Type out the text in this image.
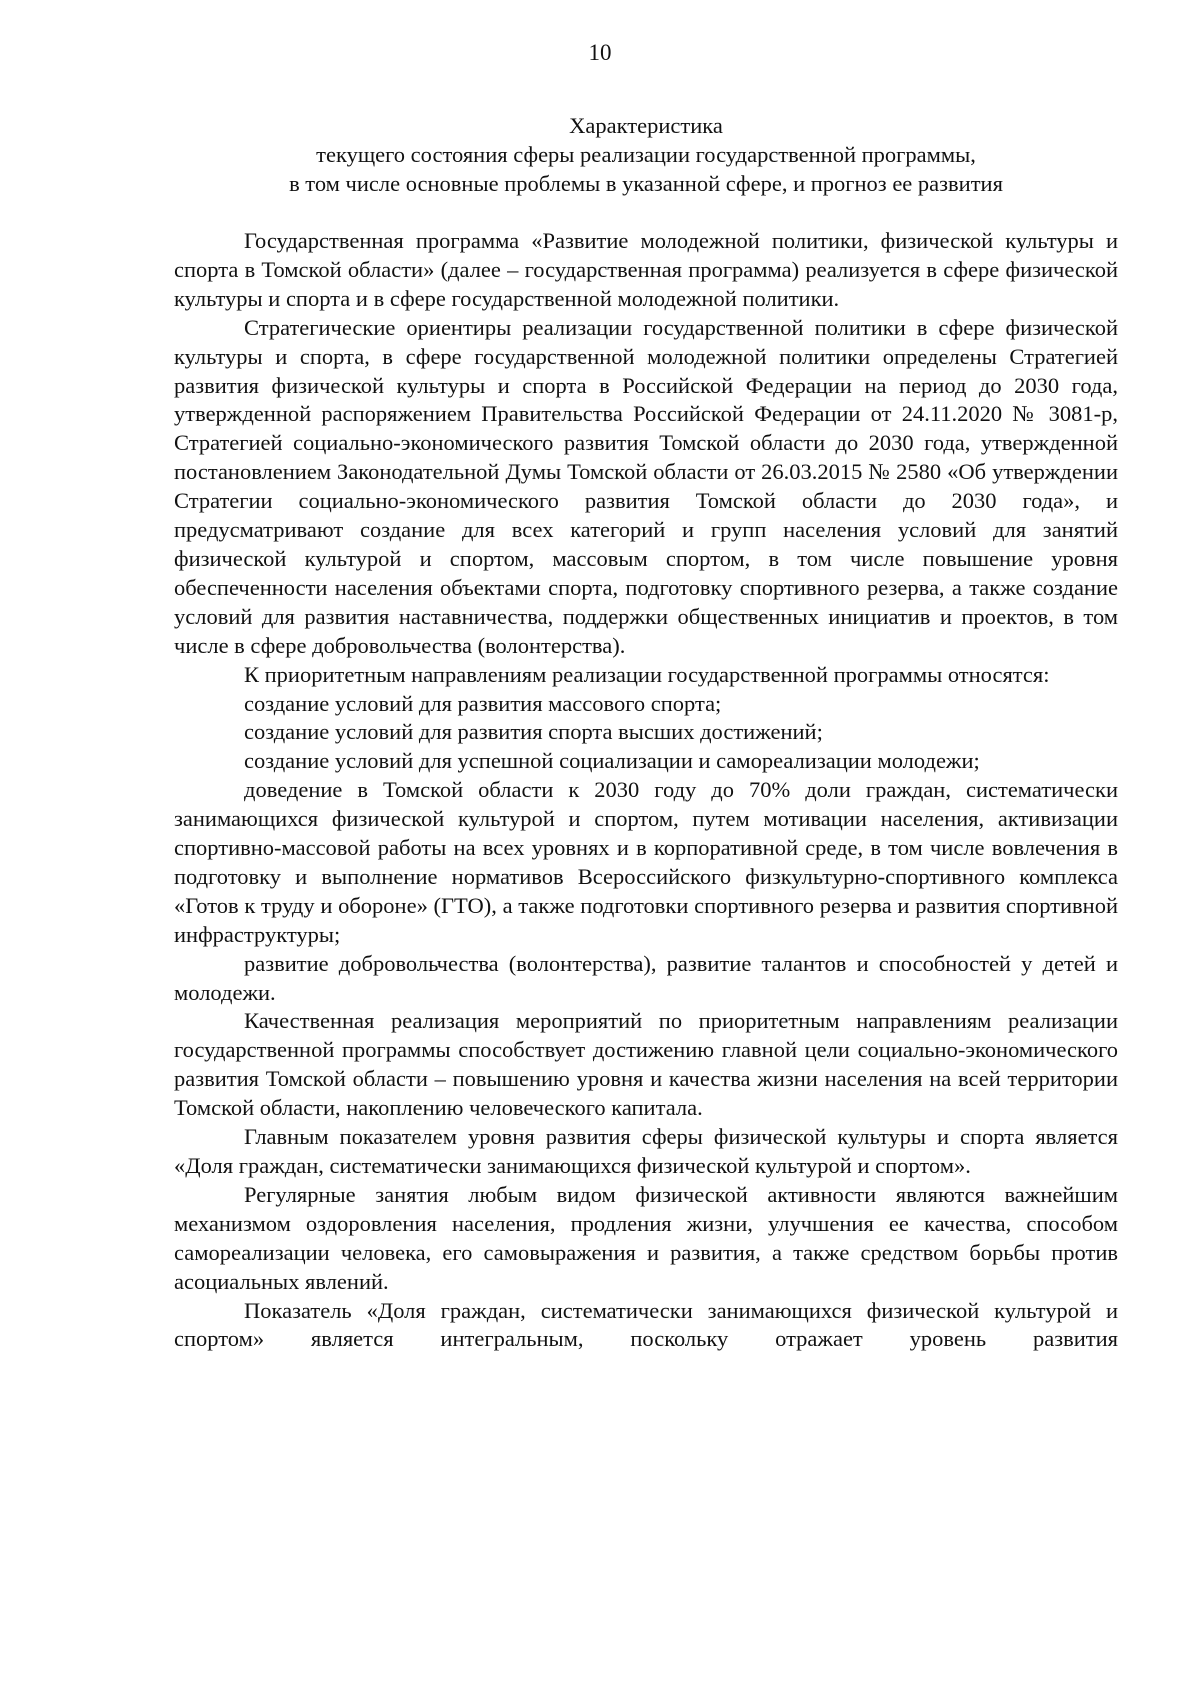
10
Характеристика
текущего состояния сферы реализации государственной программы,
в том числе основные проблемы в указанной сфере, и прогноз ее развития

Государственная программа «Развитие молодежной политики, физической культуры и спорта в Томской области» (далее – государственная программа) реализуется в сфере физической культуры и спорта и в сфере государственной молодежной политики.

Стратегические ориентиры реализации государственной политики в сфере физической культуры и спорта, в сфере государственной молодежной политики определены Стратегией развития физической культуры и спорта в Российской Федерации на период до 2030 года, утвержденной распоряжением Правительства Российской Федерации от 24.11.2020 № 3081-р, Стратегией социально-экономического развития Томской области до 2030 года, утвержденной постановлением Законодательной Думы Томской области от 26.03.2015 № 2580 «Об утверждении Стратегии социально-экономического развития Томской области до 2030 года», и предусматривают создание для всех категорий и групп населения условий для занятий физической культурой и спортом, массовым спортом, в том числе повышение уровня обеспеченности населения объектами спорта, подготовку спортивного резерва, а также создание условий для развития наставничества, поддержки общественных инициатив и проектов, в том числе в сфере добровольчества (волонтерства).

К приоритетным направлениям реализации государственной программы относятся:

создание условий для развития массового спорта;

создание условий для развития спорта высших достижений;

создание условий для успешной социализации и самореализации молодежи;

доведение в Томской области к 2030 году до 70% доли граждан, систематически занимающихся физической культурой и спортом, путем мотивации населения, активизации спортивно-массовой работы на всех уровнях и в корпоративной среде, в том числе вовлечения в подготовку и выполнение нормативов Всероссийского физкультурно-спортивного комплекса «Готов к труду и обороне» (ГТО), а также подготовки спортивного резерва и развития спортивной инфраструктуры;

развитие добровольчества (волонтерства), развитие талантов и способностей у детей и молодежи.

Качественная реализация мероприятий по приоритетным направлениям реализации государственной программы способствует достижению главной цели социально-экономического развития Томской области – повышению уровня и качества жизни населения на всей территории Томской области, накоплению человеческого капитала.

Главным показателем уровня развития сферы физической культуры и спорта является «Доля граждан, систематически занимающихся физической культурой и спортом».

Регулярные занятия любым видом физической активности являются важнейшим механизмом оздоровления населения, продления жизни, улучшения ее качества, способом самореализации человека, его самовыражения и развития, а также средством борьбы против асоциальных явлений.

Показатель «Доля граждан, систематически занимающихся физической культурой и спортом» является интегральным, поскольку отражает уровень развития
